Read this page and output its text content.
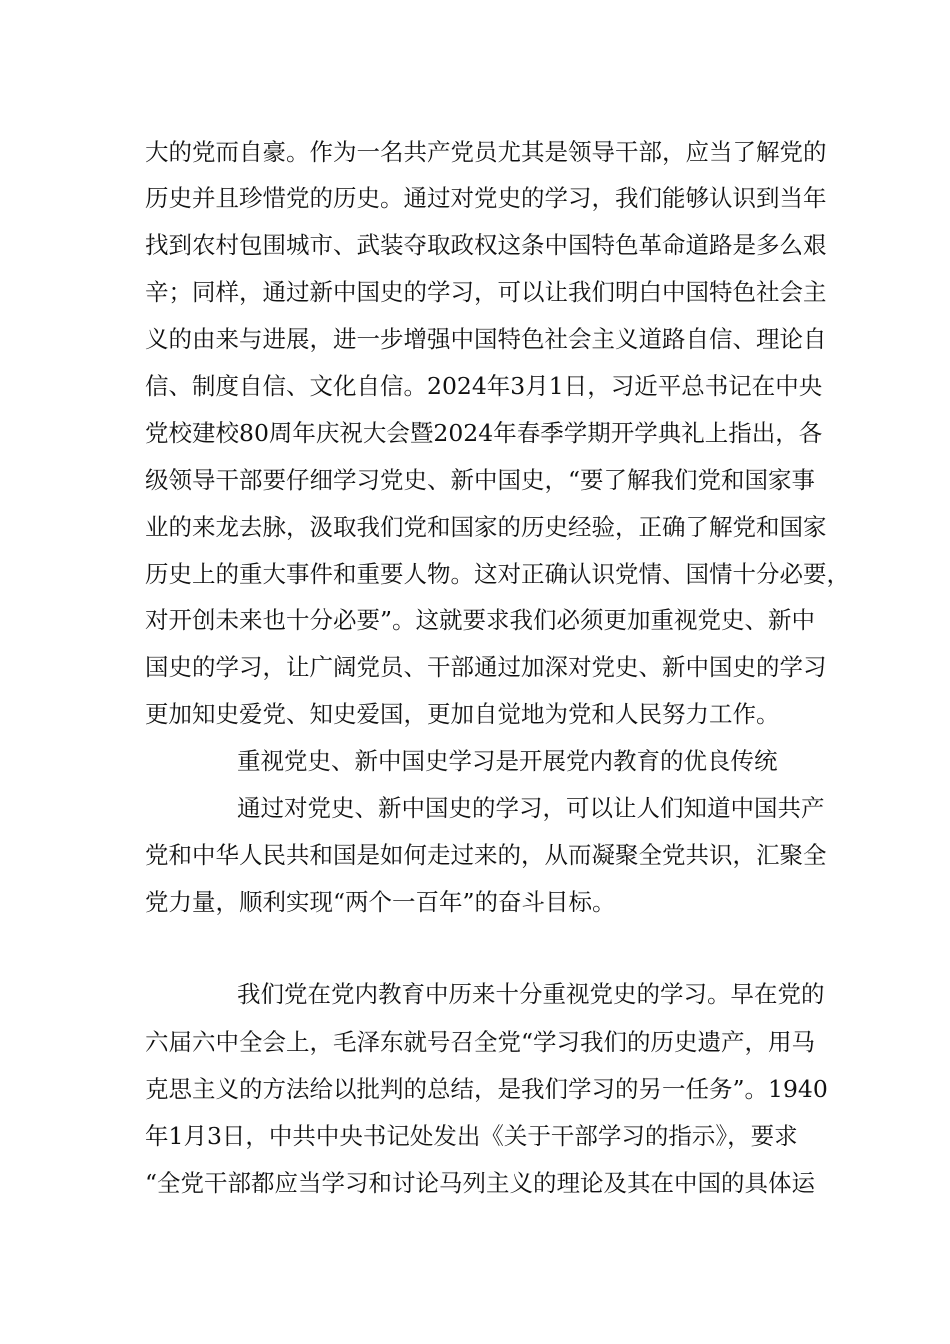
大的党而自豪。作为一名共产党员尤其是领导干部，应当了解党的
历史并且珍惜党的历史。通过对党史的学习，我们能够认识到当年
找到农村包围城市、武装夺取政权这条中国特色革命道路是多么艰
辛；同样，通过新中国史的学习，可以让我们明白中国特色社会主
义的由来与进展，进一步增强中国特色社会主义道路自信、理论自
信、制度自信、文化自信。2024年3月1日，习近平总书记在中央
党校建校80周年庆祝大会暨2024年春季学期开学典礼上指出，各
级领导干部要仔细学习党史、新中国史，“要了解我们党和国家事
业的来龙去脉，汲取我们党和国家的历史经验，正确了解党和国家
历史上的重大事件和重要人物。这对正确认识党情、国情十分必要，
对开创未来也十分必要”。这就要求我们必须更加重视党史、新中
国史的学习，让广阔党员、干部通过加深对党史、新中国史的学习
更加知史爱党、知史爱国，更加自觉地为党和人民努力工作。
重视党史、新中国史学习是开展党内教育的优良传统
通过对党史、新中国史的学习，可以让人们知道中国共产
党和中华人民共和国是如何走过来的，从而凝聚全党共识，汇聚全
党力量，顺利实现“两个一百年”的奋斗目标。
我们党在党内教育中历来十分重视党史的学习。早在党的
六届六中全会上，毛泽东就号召全党“学习我们的历史遗产，用马
克思主义的方法给以批判的总结，是我们学习的另一任务”。1940
年1月3日，中共中央书记处发出《关于干部学习的指示》，要求
“全党干部都应当学习和讨论马列主义的理论及其在中国的具体运
